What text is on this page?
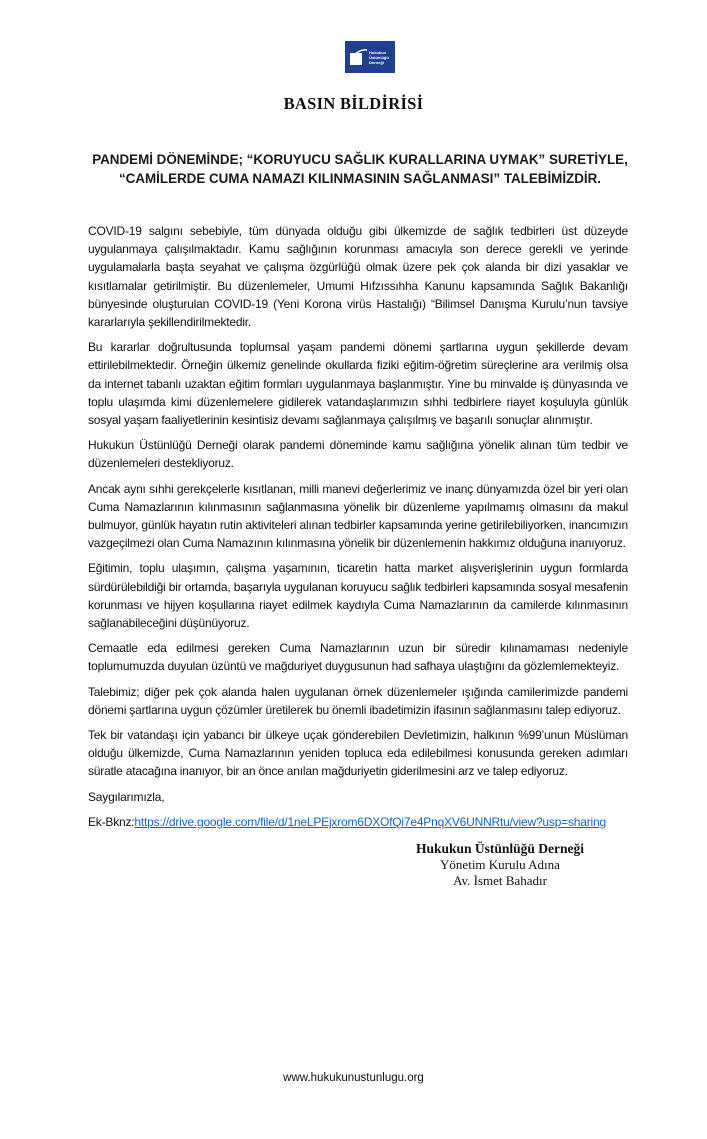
Hukukun Üstünlüğü Derneği
BASIN BİLDİRİSİ
PANDEMİ DÖNEMİNDE; “KORUYUCU SAĞLIK KURALLARINA UYMAK” SURETİYLE,
“CAMİLERDE CUMA NAMAZI KILINMASININ SAĞLANMASI” TALEBİMİZDİR.

COVID-19 salgını sebebiyle, tüm dünyada olduğu gibi ülkemizde de sağlık tedbirleri üst düzeyde uygulanmaya çalışılmaktadır. Kamu sağlığının korunması amacıyla son derece gerekli ve yerinde uygulamalarla başta seyahat ve çalışma özgürlüğü olmak üzere pek çok alanda bir dizi yasaklar ve kısıtlamalar getirilmiştir. Bu düzenlemeler, Umumi Hıfzıssıhha Kanunu kapsamında Sağlık Bakanlığı bünyesinde oluşturulan COVID-19 (Yeni Korona virüs Hastalığı) “Bilimsel Danışma Kurulu’nun tavsiye kararlarıyla şekillendirilmektedir.

Bu kararlar doğrultusunda toplumsal yaşam pandemi dönemi şartlarına uygun şekillerde devam ettirilebilmektedir. Örneğin ülkemiz genelinde okullarda fiziki eğitim-öğretim süreçlerine ara verilmiş olsa da internet tabanlı uzaktan eğitim formları uygulanmaya başlanmıştır. Yine bu minvalde iş dünyasında ve toplu ulaşımda kimi düzenlemelere gidilerek vatandaşlarımızın sıhhi tedbirlere riayet koşuluyla günlük sosyal yaşam faaliyetlerinin kesintisiz devamı sağlanmaya çalışılmış ve başarılı sonuçlar alınmıştır.

Hukukun Üstünlüğü Derneği olarak pandemi döneminde kamu sağlığına yönelik alınan tüm tedbir ve düzenlemeleri destekliyoruz.

Ancak aynı sıhhi gerekçelerle kısıtlanan, milli manevi değerlerimiz ve inanç dünyamızda özel bir yeri olan Cuma Namazlarının kılınmasının sağlanmasına yönelik bir düzenleme yapılmamış olmasını da makul bulmuyor, günlük hayatın rutin aktiviteleri alınan tedbirler kapsamında yerine getirilebiliyorken, inancımızın vazgeçilmezi olan Cuma Namazının kılınmasına yönelik bir düzenlemenin hakkımız olduğuna inanıyoruz.

Eğitimin, toplu ulaşımın, çalışma yaşamının, ticaretin hatta market alışverişlerinin uygun formlarda sürdürülebildiği bir ortamda, başarıyla uygulanan koruyucu sağlık tedbirleri kapsamında sosyal mesafenin korunması ve hijyen koşullarına riayet edilmek kaydıyla Cuma Namazlarının da camilerde kılınmasının sağlanabileceğini düşünüyoruz.

Cemaatle eda edilmesi gereken Cuma Namazlarının uzun bir süredir kılınamaması nedeniyle toplumumuzda duyulan üzüntü ve mağduriyet duygusunun had safhaya ulaştığını da gözlemlemekteyiz.

Talebimiz; diğer pek çok alanda halen uygulanan örnek düzenlemeler ışığında camilerimizde pandemi dönemi şartlarına uygun çözümler üretilerek bu önemli ibadetimizin ifasının sağlanmasını talep ediyoruz.

Tek bir vatandaşı için yabancı bir ülkeye uçak gönderebilen Devletimizin, halkının %99’unun Müslüman olduğu ülkemizde, Cuma Namazlarının yeniden topluca eda edilebilmesi konusunda gereken adımları süratle atacağına inanıyor, bir an önce anılan mağduriyetin giderilmesini arz ve talep ediyoruz.

Saygılarımızla,

Ek-Bknz:https://drive.google.com/file/d/1neLPEjxrom6DXOfQi7e4PnqXV6UNNRtu/view?usp=sharing
Hukukun Üstünlüğü Derneği
Yönetim Kurulu Adına
Av. İsmet Bahadır
www.hukukunustunlugu.org
